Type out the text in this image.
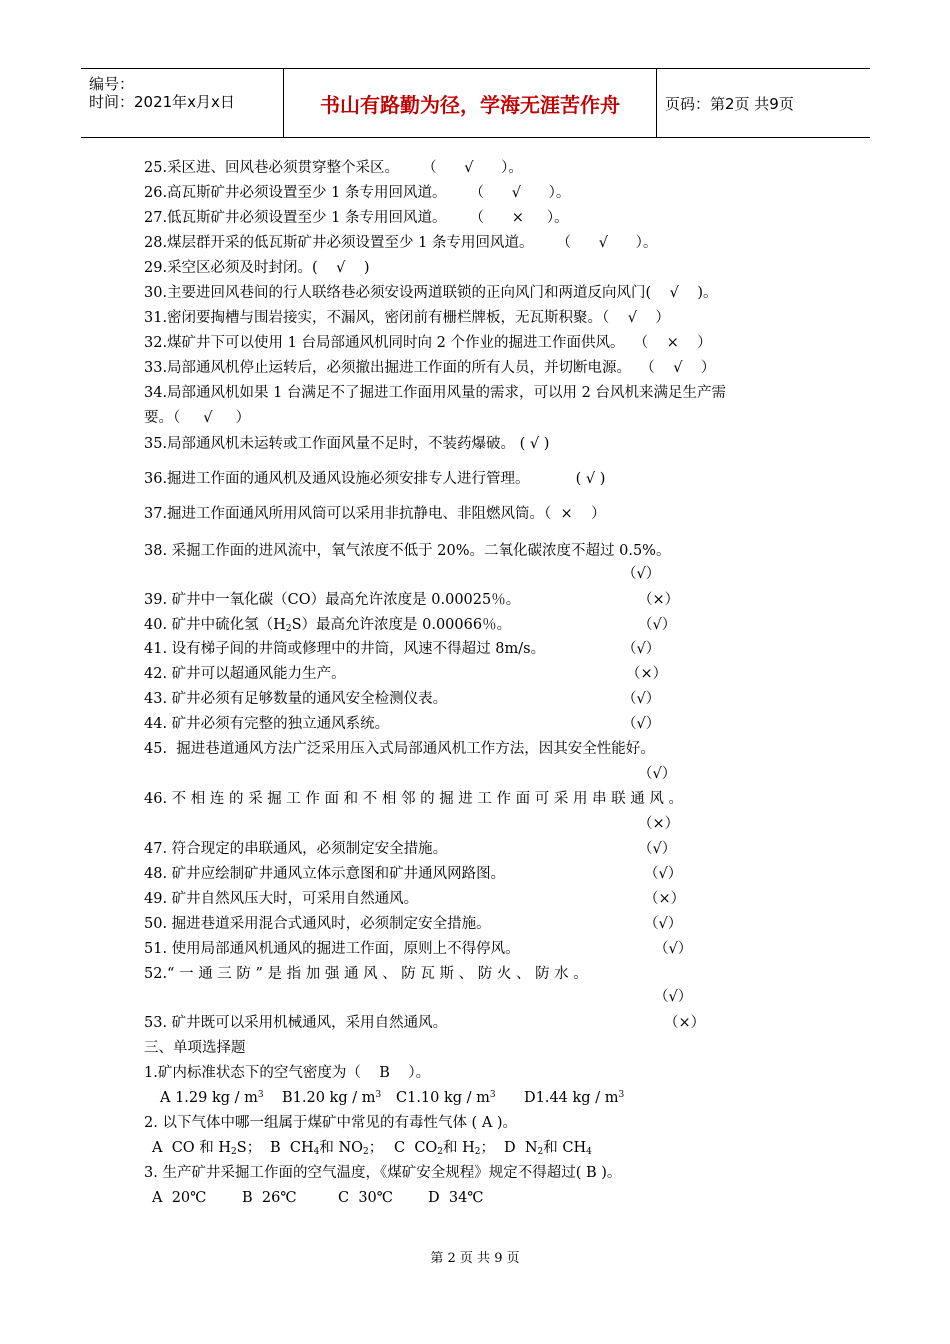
编号：
时间：2021年x月x日	书山有路勤为径，学海无涯苦作舟	页码：第2页 共9页
25.采区进、回风巷必须贯穿整个采区。     （      √      ）。
26.高瓦斯矿井必须设置至少 1 条专用回风道。     （      √      ）。
27.低瓦斯矿井必须设置至少 1 条专用回风道。     （      ×     ）。
28.煤层群开采的低瓦斯矿井必须设置至少 1 条专用回风道。     （      √      ）。
29.采空区必须及时封闭。(    √    )
30.主要进回风巷间的行人联络巷必须安设两道联锁的正向风门和两道反向风门(    √    )。
31.密闭要掏槽与围岩接实，不漏风，密闭前有栅栏牌板，无瓦斯积聚。（    √    ）
32.煤矿井下可以使用 1 台局部通风机同时向 2 个作业的掘进工作面供风。  （    ×    ）
33.局部通风机停止运转后，必须撤出掘进工作面的所有人员，并切断电源。  （    √    ）
34.局部通风机如果 1 台满足不了掘进工作面用风量的需求，可以用 2 台风机来满足生产需
要。（     √     ）
35.局部通风机未运转或工作面风量不足时，不装药爆破。 ( √ )
36.掘进工作面的通风机及通风设施必须安排专人进行管理。          ( √ )
37.掘进工作面通风所用风筒可以采用非抗静电、非阻燃风筒。（  ×    ）
38. 采掘工作面的进风流中，氧气浓度不低于 20%。二氧化碳浓度不超过 0.5%。
（√）
39. 矿井中一氧化碳（CO）最高允许浓度是 0.00025％。	（×）
40. 矿井中硫化氢$(H_2S)$最高允许浓度是 0.00066％。	（√）
41. 设有梯子间的井筒或修理中的井筒，风速不得超过 8m/s。	（√）
42. 矿井可以超通风能力生产。	（×）
43. 矿井必须有足够数量的通风安全检测仪表。	（√）
44. 矿井必须有完整的独立通风系统。	（√）
45.  掘进巷道通风方法广泛采用压入式局部通风机工作方法，因其安全性能好。
（√）
46. 不 相 连 的 采 掘 工 作 面 和 不 相 邻 的 掘 进 工 作 面 可 采 用 串 联 通 风 。
（×）
47. 符合现定的串联通风，必须制定安全措施。	（√）
48. 矿井应绘制矿井通风立体示意图和矿井通风网路图。	（√）
49. 矿井自然风压大时，可采用自然通风。	（×）
50. 掘进巷道采用混合式通风时，必须制定安全措施。	（√）
51. 使用局部通风机通风的掘进工作面，原则上不得停风。	（√）
52.“ 一 通 三 防 ” 是 指 加 强 通 风 、 防 瓦 斯 、 防 火 、 防 水 。
（√）
53. 矿井既可以采用机械通风，采用自然通风。	（×）
三、单项选择题
1.矿内标准状态下的空气密度为（    B    ）。
A 1.29 kg / $m^3$ B1.20 kg / $m^3$ C1.10 kg / $m^3$ D1.44 kg / $m^3$
2. 以下气体中哪一组属于煤矿中常见的有毒性气体 ( A )。
A  CO 和 $H_2S$； B  $CH_4$和 $NO_2$； C  $CO_2$和 $H_2$； D  $N_2$和 $CH_4$
3. 生产矿井采掘工作面的空气温度，《煤矿安全规程》规定不得超过( B )。
A  20℃ B  26℃	C  30℃ D  34℃
第 2 页 共 9 页
